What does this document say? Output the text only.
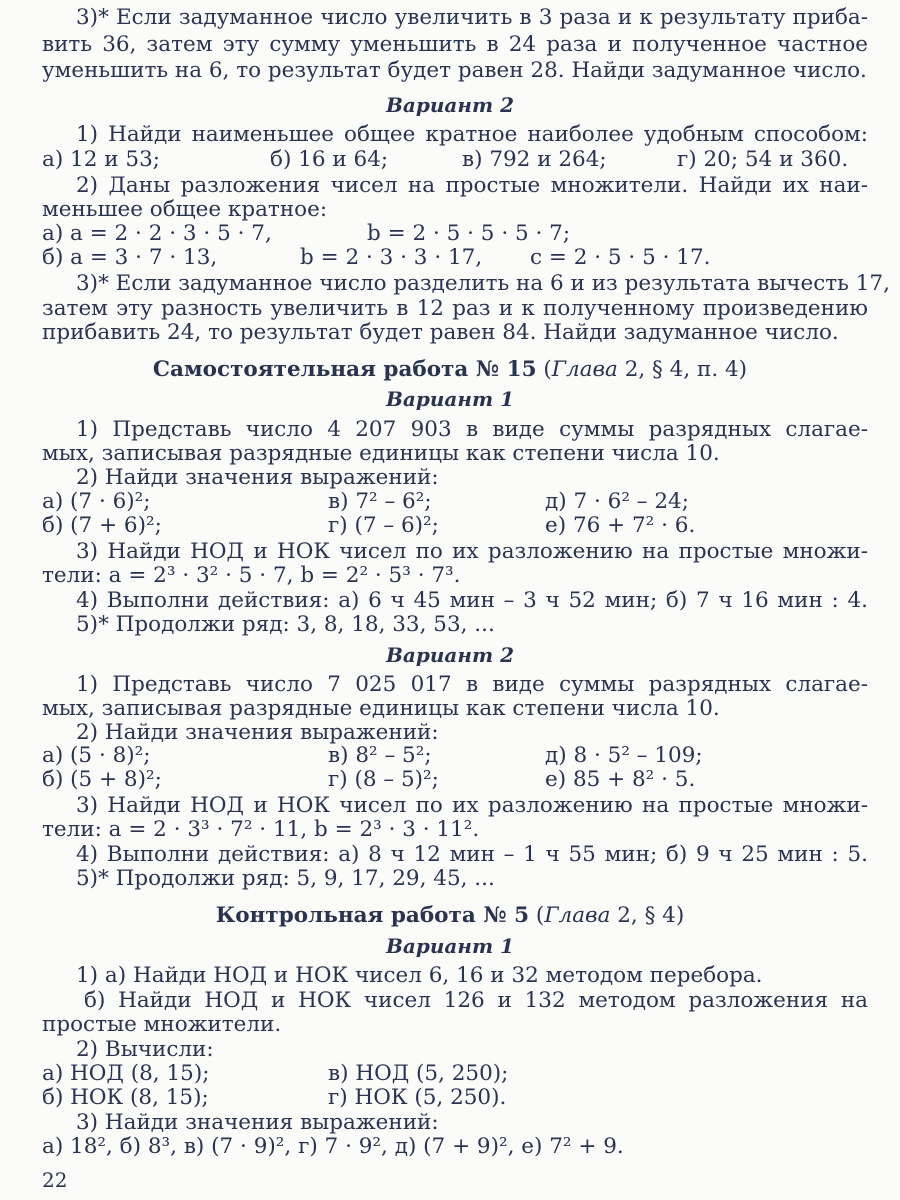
3)* Если задуманное число увеличить в 3 раза и к результату приба-
вить 36, затем эту сумму уменьшить в 24 раза и полученное частное
уменьшить на 6, то результат будет равен 28. Найди задуманное число.
Вариант 2
1) Найди наименьшее общее кратное наиболее удобным способом:
а) 12 и 53;	б) 16 и 64;	в) 792 и 264;	г) 20; 54 и 360.
2) Даны разложения чисел на простые множители. Найди их наи-
меньшее общее кратное:
а) a = 2 · 2 · 3 · 5 · 7,	b = 2 · 5 · 5 · 5 · 7;
б) a = 3 · 7 · 13,	b = 2 · 3 · 3 · 17, c = 2 · 5 · 5 · 17.
3)* Если задуманное число разделить на 6 и из результата вычесть 17,
затем эту разность увеличить в 12 раз и к полученному произведению
прибавить 24, то результат будет равен 84. Найди задуманное число.
Самостоятельная работа № 15 (Глава 2, § 4, п. 4)
Вариант 1
1) Представь число 4 207 903 в виде суммы разрядных слагае-
мых, записывая разрядные единицы как степени числа 10.
2) Найди значения выражений:
а) (7 · 6)²;	в) 7² – 6²;	д) 7 · 6² – 24;
б) (7 + 6)²;	г) (7 – 6)²;	е) 76 + 7² · 6.
3) Найди НОД и НОК чисел по их разложению на простые множи-
тели: a = 2³ · 3² · 5 · 7, b = 2² · 5³ · 7³.
4) Выполни действия: а) 6 ч 45 мин – 3 ч 52 мин; б) 7 ч 16 мин : 4.
5)* Продолжи ряд: 3, 8, 18, 33, 53, ...
Вариант 2
1) Представь число 7 025 017 в виде суммы разрядных слагае-
мых, записывая разрядные единицы как степени числа 10.
2) Найди значения выражений:
а) (5 · 8)²;	в) 8² – 5²;	д) 8 · 5² – 109;
б) (5 + 8)²;	г) (8 – 5)²;	е) 85 + 8² · 5.
3) Найди НОД и НОК чисел по их разложению на простые множи-
тели: a = 2 · 3³ · 7² · 11, b = 2³ · 3 · 11².
4) Выполни действия: а) 8 ч 12 мин – 1 ч 55 мин; б) 9 ч 25 мин : 5.
5)* Продолжи ряд: 5, 9, 17, 29, 45, ...
Контрольная работа № 5 (Глава 2, § 4)
Вариант 1
1) а) Найди НОД и НОК чисел 6, 16 и 32 методом перебора.
б) Найди НОД и НОК чисел 126 и 132 методом разложения на
простые множители.
2) Вычисли:
а) НОД (8, 15);	в) НОД (5, 250);
б) НОК (8, 15);	г) НОК (5, 250).
3) Найди значения выражений:
а) 18², б) 8³, в) (7 · 9)², г) 7 · 9², д) (7 + 9)², е) 7² + 9.
22
